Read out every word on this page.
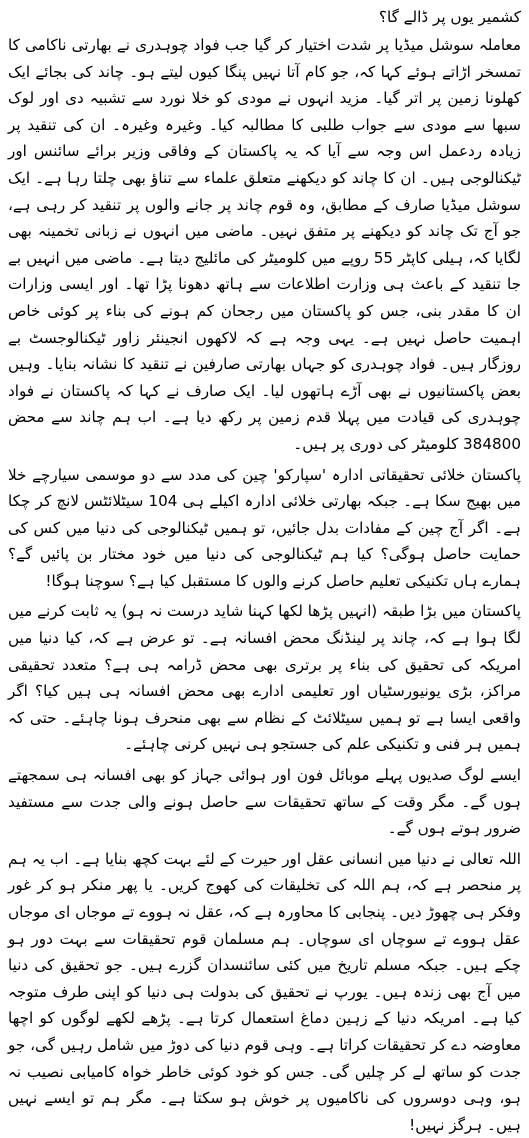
کشمیر یوں پر ڈالے گا؟

معاملہ سوشل میڈیا پر شدت اختیار کر گیا جب فواد چوہدری نے بھارتی ناکامی کا تمسخر اڑاتے ہوئے کہا کہ، جو کام آتا نہیں پنگا کیوں لیتے ہو۔ چاند کی بجائے ایک کھلونا زمین پر اتر گیا۔ مزید انہوں نے مودی کو خلا نورد سے تشبیہ دی اور لوک سبھا سے مودی سے جواب طلبی کا مطالبہ کیا۔ وغیرہ وغیرہ۔ ان کی تنقید پر زیادہ ردعمل اس وجہ سے آیا کہ یہ پاکستان کے وفاقی وزیر برائے سائنس اور ٹیکنالوجی ہیں۔ ان کا چاند کو دیکھنے متعلق علماء سے تناؤ بھی چلتا رہا ہے۔ ایک سوشل میڈیا صارف کے مطابق، وہ قوم چاند پر جانے والوں پر تنقید کر رہی ہے، جو آج تک چاند کو دیکھنے پر متفق نہیں۔ ماضی میں انہوں نے زبانی تخمینہ بھی لگایا کہ، ہیلی کاپٹر 55 روپے میں کلومیٹر کی مائلیج دیتا ہے۔ ماضی میں انہیں بے جا تنقید کے باعث ہی وزارت اطلاعات سے ہاتھ دھونا پڑا تھا۔ اور ایسی وزارات ان کا مقدر بنی، جس کو پاکستان میں رجحان کم ہونے کی بناء پر کوئی خاص اہمیت حاصل نہیں ہے۔ یہی وجہ ہے کہ لاکھوں انجینئر زاور ٹیکنالوجسٹ بے روزگار ہیں۔ فواد چوہدری کو جہاں بھارتی صارفین نے تنقید کا نشانہ بنایا۔ وہیں بعض پاکستانیوں نے بھی آڑے ہاتھوں لیا۔ ایک صارف نے کہا کہ پاکستان نے فواد چوہدری کی قیادت میں پہلا قدم زمین پر رکھ دیا ہے۔ اب ہم چاند سے محض 384800 کلومیٹر کی دوری پر ہیں۔

پاکستان خلائی تحقیقاتی ادارہ 'سپارکو' چین کی مدد سے دو موسمی سیارچے خلا میں بھیج سکا ہے۔ جبکہ بھارتی خلائی ادارہ اکیلے ہی 104 سیٹلائٹس لانچ کر چکا ہے۔ اگر آج چین کے مفادات بدل جائیں، تو ہمیں ٹیکنالوجی کی دنیا میں کس کی حمایت حاصل ہوگی؟ کیا ہم ٹیکنالوجی کی دنیا میں خود مختار بن پائیں گے؟ ہمارے ہاں تکنیکی تعلیم حاصل کرنے والوں کا مستقبل کیا ہے؟ سوچنا ہوگا!

پاکستان میں بڑا طبقہ (انہیں پڑھا لکھا کہنا شاید درست نہ ہو) یہ ثابت کرنے میں لگا ہوا ہے کہ، چاند پر لینڈنگ محض افسانہ ہے۔ تو عرض ہے کہ، کیا دنیا میں امریکہ کی تحقیق کی بناء پر برتری بھی محض ڈرامہ ہی ہے؟ متعدد تحقیقی مراکز، بڑی یونیورسٹیاں اور تعلیمی ادارے بھی محض افسانہ ہی ہیں کیا؟ اگر واقعی ایسا ہے تو ہمیں سیٹلائٹ کے نظام سے بھی منحرف ہونا چاہئے۔ حتی کہ ہمیں ہر فنی و تکنیکی علم کی جستجو ہی نہیں کرنی چاہئے۔

ایسے لوگ صدیوں پہلے موبائل فون اور ہوائی جہاز کو بھی افسانہ ہی سمجھتے ہوں گے۔ مگر وقت کے ساتھ تحقیقات سے حاصل ہونے والی جدت سے مستفید ضرور ہوتے ہوں گے۔

اللہ تعالی نے دنیا میں انسانی عقل اور حیرت کے لئے بہت کچھ بنایا ہے۔ اب یہ ہم پر منحصر ہے کہ، ہم اللہ کی تخلیقات کی کھوج کریں۔ یا پھر منکر ہو کر غور وفکر ہی چھوڑ دیں۔ پنجابی کا محاورہ ہے کہ، عقل نہ ہووے تے موجاں ای موجاں عقل ہووے تے سوچاں ای سوچاں۔ ہم مسلمان قوم تحقیقات سے بہت دور ہو چکے ہیں۔ جبکہ مسلم تاریخ میں کئی سائنسدان گزرے ہیں۔ جو تحقیق کی دنیا میں آج بھی زندہ ہیں۔ یورپ نے تحقیق کی بدولت ہی دنیا کو اپنی طرف متوجہ کیا ہے۔ امریکہ دنیا کے زہین دماغ استعمال کرتا ہے۔ پڑھے لکھے لوگوں کو اچھا معاوضہ دے کر تحقیقات کراتا ہے۔ وہی قوم دنیا کی دوڑ میں شامل رہیں گی، جو جدت کو ساتھ لے کر چلیں گی۔ جس کو خود کوئی خاطر خواہ کامیابی نصیب نہ ہو، وہی دوسروں کی ناکامیوں پر خوش ہو سکتا ہے۔ مگر ہم تو ایسے نہیں ہیں۔ ہرگز نہیں!
